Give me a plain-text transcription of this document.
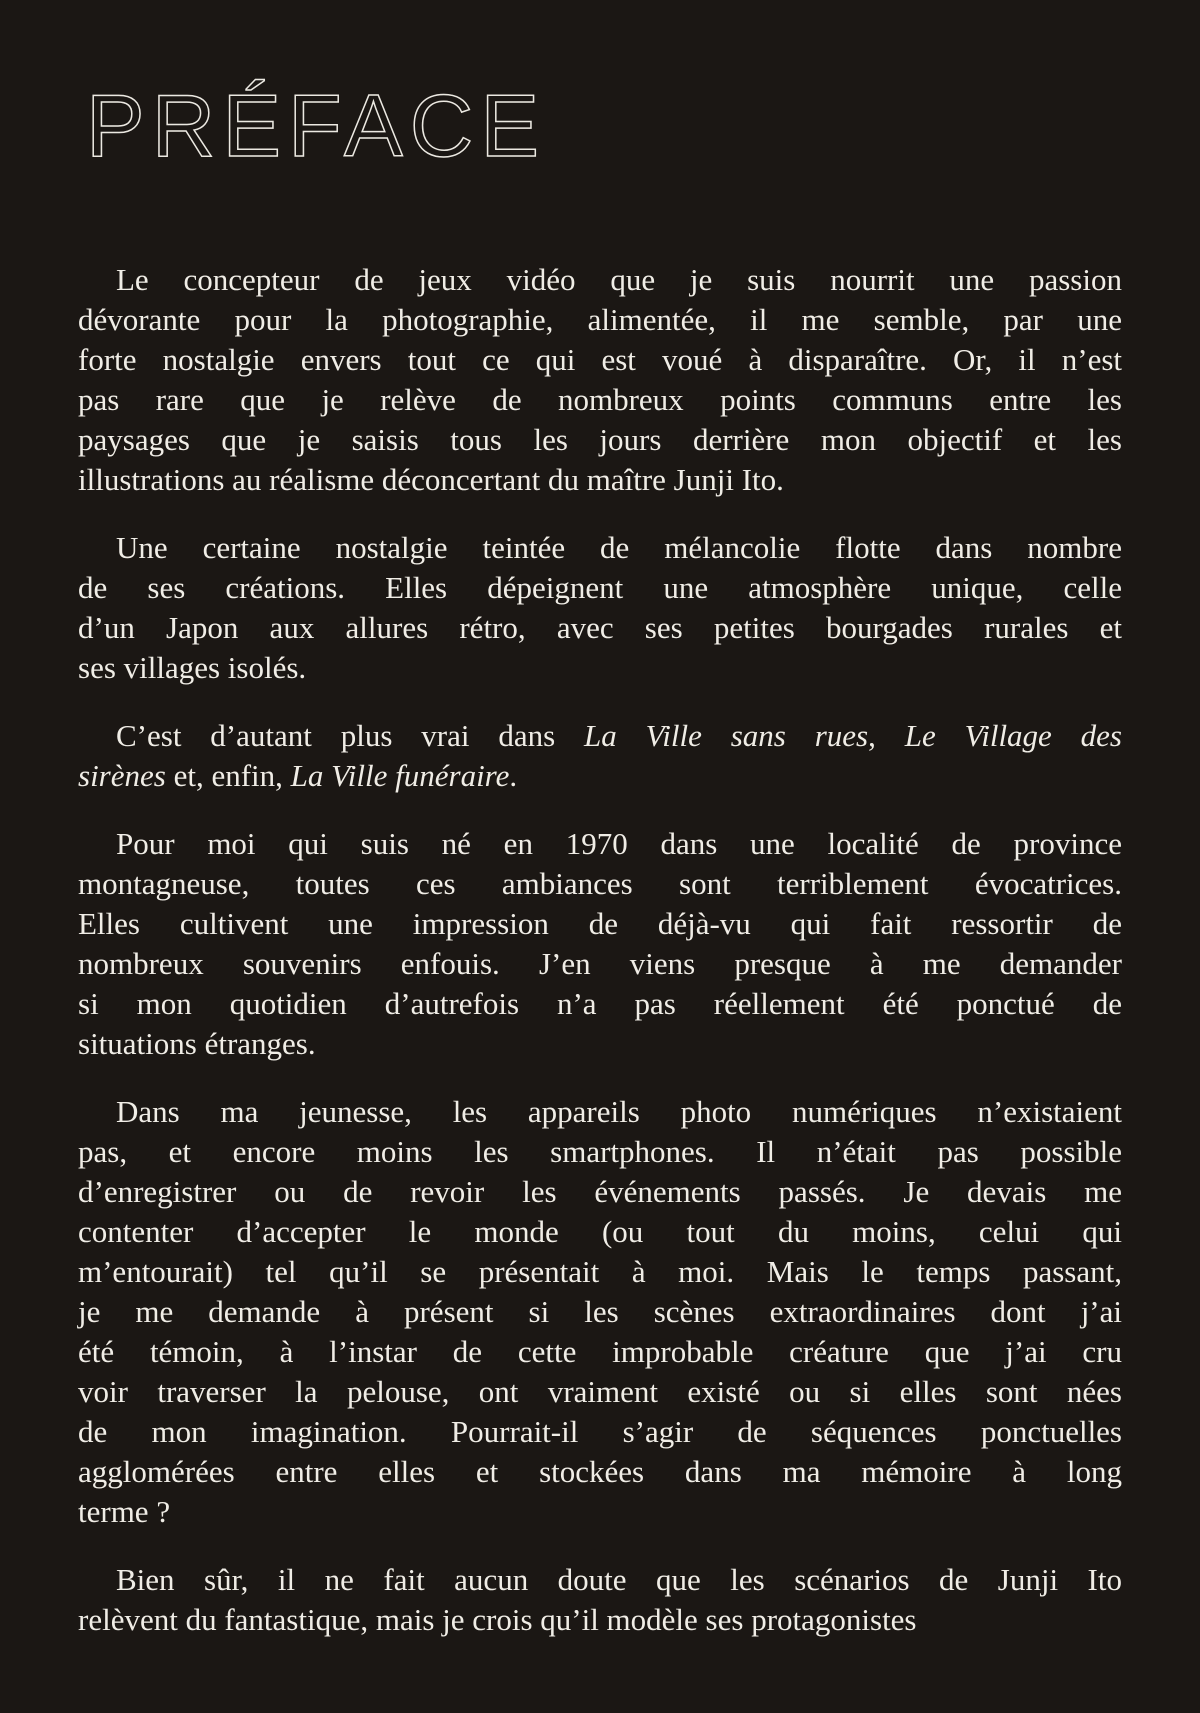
PRÉFACE

Le concepteur de jeux vidéo que je suis nourrit une passion
dévorante pour la photographie, alimentée, il me semble, par une
forte nostalgie envers tout ce qui est voué à disparaître. Or, il n’est
pas rare que je relève de nombreux points communs entre les
paysages que je saisis tous les jours derrière mon objectif et les
illustrations au réalisme déconcertant du maître Junji Ito.

Une certaine nostalgie teintée de mélancolie flotte dans nombre
de ses créations. Elles dépeignent une atmosphère unique, celle
d’un Japon aux allures rétro, avec ses petites bourgades rurales et
ses villages isolés.

C’est d’autant plus vrai dans La Ville sans rues, Le Village des
sirènes et, enfin, La Ville funéraire.

Pour moi qui suis né en 1970 dans une localité de province
montagneuse, toutes ces ambiances sont terriblement évocatrices.
Elles cultivent une impression de déjà-vu qui fait ressortir de
nombreux souvenirs enfouis. J’en viens presque à me demander
si mon quotidien d’autrefois n’a pas réellement été ponctué de
situations étranges.

Dans ma jeunesse, les appareils photo numériques n’existaient
pas, et encore moins les smartphones. Il n’était pas possible
d’enregistrer ou de revoir les événements passés. Je devais me
contenter d’accepter le monde (ou tout du moins, celui qui
m’entourait) tel qu’il se présentait à moi. Mais le temps passant,
je me demande à présent si les scènes extraordinaires dont j’ai
été témoin, à l’instar de cette improbable créature que j’ai cru
voir traverser la pelouse, ont vraiment existé ou si elles sont nées
de mon imagination. Pourrait-il s’agir de séquences ponctuelles
agglomérées entre elles et stockées dans ma mémoire à long
terme ?

Bien sûr, il ne fait aucun doute que les scénarios de Junji Ito
relèvent du fantastique, mais je crois qu’il modèle ses protagonistes
